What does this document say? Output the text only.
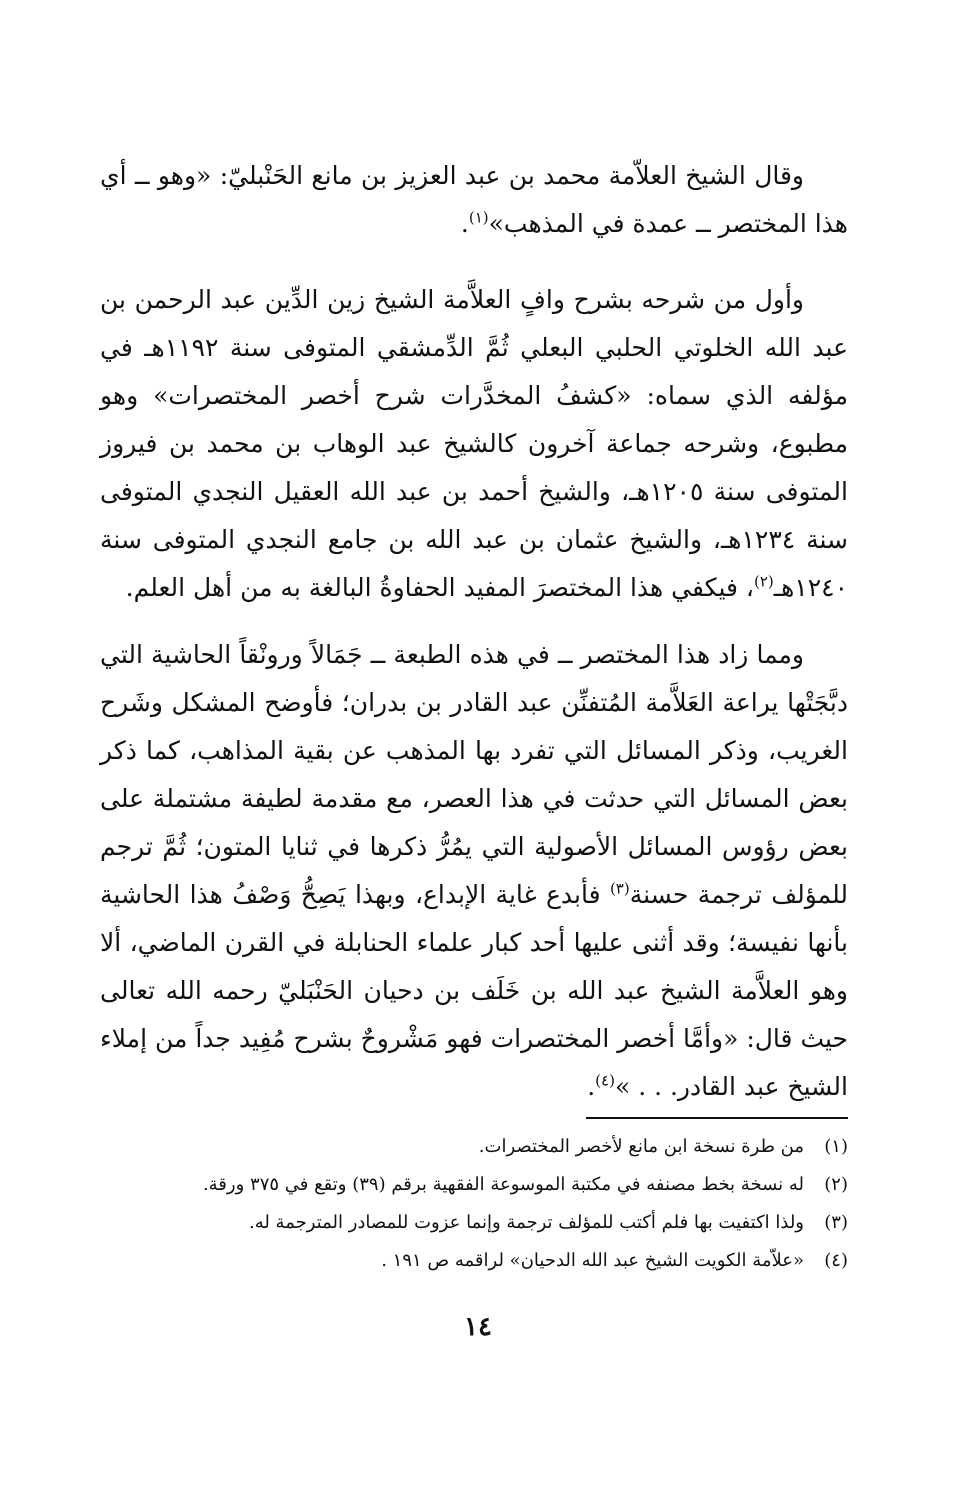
وقال الشيخ العلاّمة محمد بن عبد العزيز بن مانع الحَنْبليّ: «وهو ــ أي هذا المختصر ــ عمدة في المذهب»$^{(١)}$.

وأول من شرحه بشرح وافٍ العلاَّمة الشيخ زين الدِّين عبد الرحمن بن عبد الله الخلوتي الحلبي البعلي ثُمَّ الدِّمشقي المتوفى سنة ١١٩٢هـ في مؤلفه الذي سماه: «كشفُ المخدَّرات شرح أخصر المختصرات» وهو مطبوع، وشرحه جماعة آخرون كالشيخ عبد الوهاب بن محمد بن فيروز المتوفى سنة ١٢٠٥هـ، والشيخ أحمد بن عبد الله العقيل النجدي المتوفى سنة ١٢٣٤هـ، والشيخ عثمان بن عبد الله بن جامع النجدي المتوفى سنة ١٢٤٠هـ$^{(٢)}$، فيكفي هذا المختصرَ المفيد الحفاوةُ البالغة به من أهل العلم.

ومما زاد هذا المختصر ــ في هذه الطبعة ــ جَمَالاً ورونْقاً الحاشية التي دبَّجَتْها يراعة العَلاَّمة المُتفنِّن عبد القادر بن بدران؛ فأوضح المشكل وشَرح الغريب، وذكر المسائل التي تفرد بها المذهب عن بقية المذاهب، كما ذكر بعض المسائل التي حدثت في هذا العصر، مع مقدمة لطيفة مشتملة على بعض رؤوس المسائل الأصولية التي يمُرُّ ذكرها في ثنايا المتون؛ ثُمَّ ترجم للمؤلف ترجمة حسنة$^{(٣)}$ فأبدع غاية الإبداع، وبهذا يَصِحُّ وَصْفُ هذا الحاشية بأنها نفيسة؛ وقد أثنى عليها أحد كبار علماء الحنابلة في القرن الماضي، ألا وهو العلاَّمة الشيخ عبد الله بن خَلَف بن دحيان الحَنْبَليّ رحمه الله تعالى حيث قال: «وأمَّا أخصر المختصرات فهو مَشْروحٌ بشرح مُفِيد جداً من إملاء الشيخ عبد القادر. . . »$^{(٤)}$.

(١)
من طرة نسخة ابن مانع لأخصر المختصرات.
(٢)
له نسخة بخط مصنفه في مكتبة الموسوعة الفقهية برقم (٣٩) وتقع في ٣٧٥ ورقة.
(٣)
ولذا اكتفيت بها فلم أكتب للمؤلف ترجمة وإنما عزوت للمصادر المترجمة له.
(٤)
«علاّمة الكويت الشيخ عبد الله الدحيان» لراقمه ص ١٩١ .
١٤
